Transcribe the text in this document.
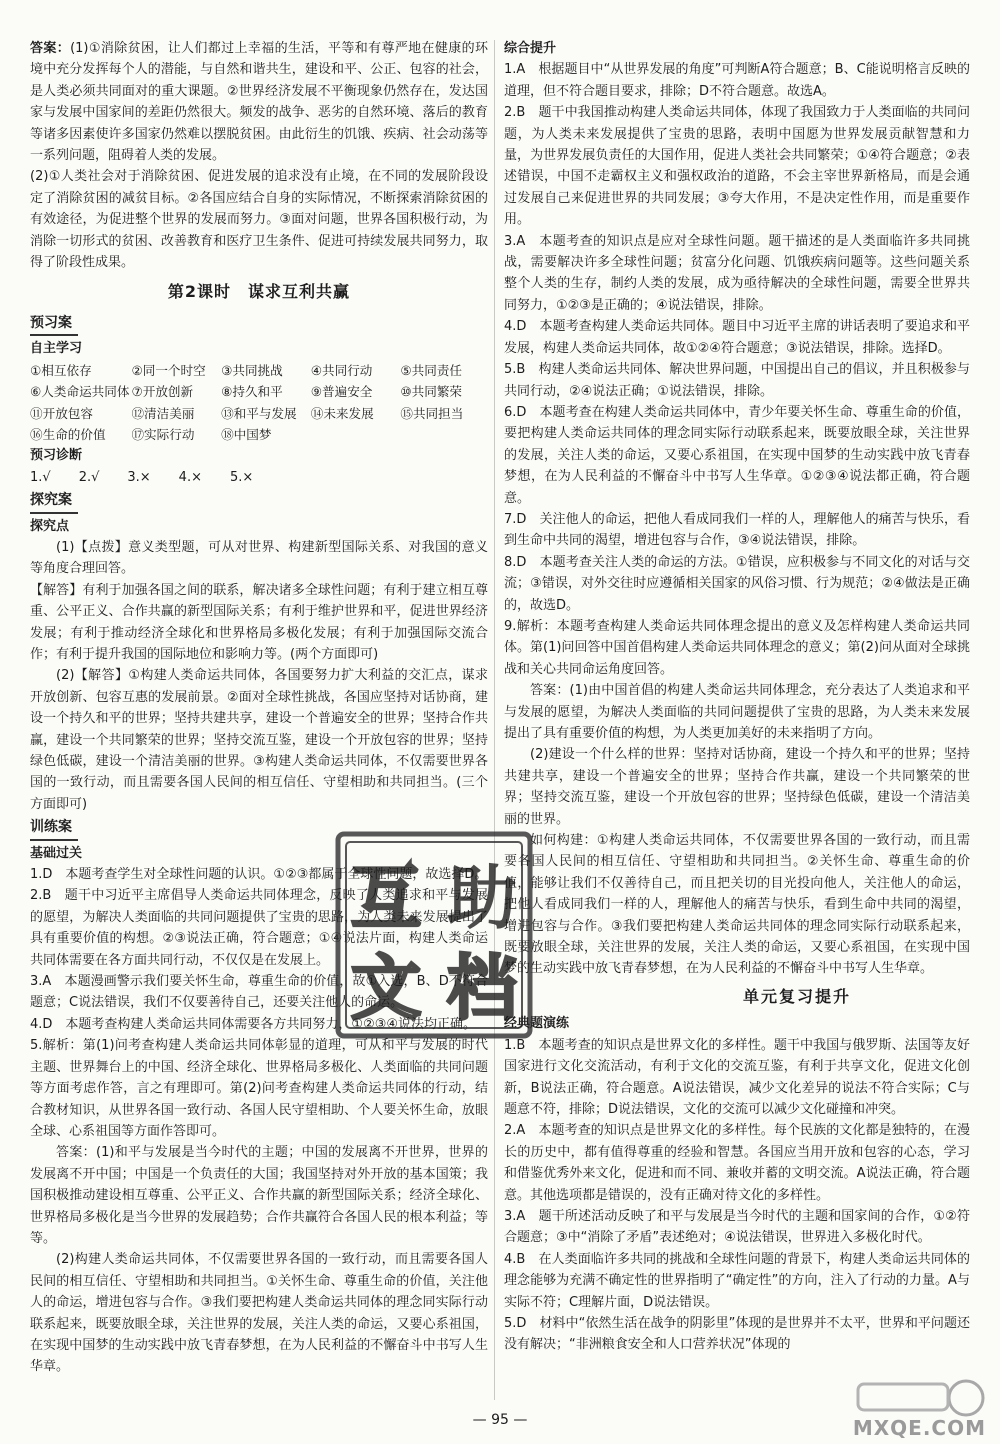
答案：(1)①消除贫困，让人们都过上幸福的生活，平等和有尊严地在健康的环境中充分发挥每个人的潜能，与自然和谐共生，建设和平、公正、包容的社会，是人类必须共同面对的重大课题。②世界经济发展不平衡现象仍然存在，发达国家与发展中国家间的差距仍然很大。频发的战争、恶劣的自然环境、落后的教育等诸多因素使许多国家仍然难以摆脱贫困。由此衍生的饥饿、疾病、社会动荡等一系列问题，阻碍着人类的发展。

(2)①人类社会对于消除贫困、促进发展的追求没有止境，在不同的发展阶段设定了消除贫困的减贫目标。②各国应结合自身的实际情况，不断探索消除贫困的有效途径，为促进整个世界的发展而努力。③面对问题，世界各国积极行动，为消除一切形式的贫困、改善教育和医疗卫生条件、促进可持续发展共同努力，取得了阶段性成果。

第2课时　谋求互利共赢
预习案
自主学习
①相互依存	②同一个时空	③共同挑战	④共同行动	⑤共同责任
⑥人类命运共同体 ⑦开放创新	⑧持久和平	⑨普遍安全	⑩共同繁荣
⑪开放包容	⑫清洁美丽	⑬和平与发展	⑭未来发展	⑮共同担当
⑯生命的价值	⑰实际行动	⑱中国梦
预习诊断
1.√ 2.√ 3.× 4.× 5.×
探究案
探究点

(1)【点拨】意义类型题，可从对世界、构建新型国际关系、对我国的意义等角度合理回答。

【解答】有利于加强各国之间的联系，解决诸多全球性问题；有利于建立相互尊重、公平正义、合作共赢的新型国际关系；有利于维护世界和平，促进世界经济发展；有利于推动经济全球化和世界格局多极化发展；有利于加强国际交流合作；有利于提升我国的国际地位和影响力等。(两个方面即可)

(2)【解答】①构建人类命运共同体，各国要努力扩大利益的交汇点，谋求开放创新、包容互惠的发展前景。②面对全球性挑战，各国应坚持对话协商，建设一个持久和平的世界；坚持共建共享，建设一个普遍安全的世界；坚持合作共赢，建设一个共同繁荣的世界；坚持交流互鉴，建设一个开放包容的世界；坚持绿色低碳，建设一个清洁美丽的世界。③构建人类命运共同体，不仅需要世界各国的一致行动，而且需要各国人民间的相互信任、守望相助和共同担当。(三个方面即可)

训练案
基础过关

1.D　本题考查学生对全球性问题的认识。①②③都属于全球性问题，故选择D。

2.B　题干中习近平主席倡导人类命运共同体理念，反映了人类追求和平与发展的愿望，为解决人类面临的共同问题提供了宝贵的思路，为人类未来发展提出了具有重要价值的构想。②③说法正确，符合题意；①④说法片面，构建人类命运共同体需要在各方面共同行动，不仅仅是在发展上。

3.A　本题漫画警示我们要关怀生命，尊重生命的价值，故①入选，B、D不符合题意；C说法错误，我们不仅要善待自己，还要关注他人的命运。

4.D　本题考查构建人类命运共同体需要各方共同努力，①②③④说法均正确。

5.解析：第(1)问考查构建人类命运共同体彰显的道理，可从和平与发展的时代主题、世界舞台上的中国、经济全球化、世界格局多极化、人类面临的共同问题等方面考虑作答，言之有理即可。第(2)问考查构建人类命运共同体的行动，结合教材知识，从世界各国一致行动、各国人民守望相助、个人要关怀生命，放眼全球、心系祖国等方面作答即可。

答案：(1)和平与发展是当今时代的主题；中国的发展离不开世界，世界的发展离不开中国；中国是一个负责任的大国；我国坚持对外开放的基本国策；我国积极推动建设相互尊重、公平正义、合作共赢的新型国际关系；经济全球化、世界格局多极化是当今世界的发展趋势；合作共赢符合各国人民的根本利益；等等。

(2)构建人类命运共同体，不仅需要世界各国的一致行动，而且需要各国人民间的相互信任、守望相助和共同担当。①关怀生命、尊重生命的价值，关注他人的命运，增进包容与合作。③我们要把构建人类命运共同体的理念同实际行动联系起来，既要放眼全球，关注世界的发展，关注人类的命运，又要心系祖国，在实现中国梦的生动实践中放飞青春梦想，在为人民利益的不懈奋斗中书写人生华章。

综合提升

1.A　根据题目中“从世界发展的角度”可判断A符合题意；B、C能说明格言反映的道理，但不符合题目要求，排除；D不符合题意。故选A。

2.B　题干中我国推动构建人类命运共同体，体现了我国致力于人类面临的共同问题，为人类未来发展提供了宝贵的思路，表明中国愿为世界发展贡献智慧和力量，为世界发展负责任的大国作用，促进人类社会共同繁荣；①④符合题意；②表述错误，中国不走霸权主义和强权政治的道路，不会主宰世界新格局，而是会通过发展自己来促进世界的共同发展；③夸大作用，不是决定性作用，而是重要作用。

3.A　本题考查的知识点是应对全球性问题。题干描述的是人类面临许多共同挑战，需要解决许多全球性问题；贫富分化问题、饥饿疾病问题等。这些问题关系整个人类的生存，制约人类的发展，成为亟待解决的全球性问题，需要全世界共同努力，①②③是正确的；④说法错误，排除。

4.D　本题考查构建人类命运共同体。题目中习近平主席的讲话表明了要追求和平发展，构建人类命运共同体，故①②④符合题意；③说法错误，排除。选择D。

5.B　构建人类命运共同体、解决世界问题，中国提出自己的倡议，并且积极参与共同行动，②④说法正确；①说法错误，排除。

6.D　本题考查在构建人类命运共同体中，青少年要关怀生命、尊重生命的价值，要把构建人类命运共同体的理念同实际行动联系起来，既要放眼全球，关注世界的发展，关注人类的命运，又要心系祖国，在实现中国梦的生动实践中放飞青春梦想，在为人民利益的不懈奋斗中书写人生华章。①②③④说法都正确，符合题意。

7.D　关注他人的命运，把他人看成同我们一样的人，理解他人的痛苦与快乐，看到生命中共同的渴望，增进包容与合作，③④说法错误，排除。

8.D　本题考查关注人类的命运的方法。①错误，应积极参与不同文化的对话与交流；③错误，对外交往时应遵循相关国家的风俗习惯、行为规范；②④做法是正确的，故选D。

9.解析：本题考查构建人类命运共同体理念提出的意义及怎样构建人类命运共同体。第(1)问回答中国首倡构建人类命运共同体理念的意义；第(2)问从面对全球挑战和关心共同命运角度回答。

答案：(1)由中国首倡的构建人类命运共同体理念，充分表达了人类追求和平与发展的愿望，为解决人类面临的共同问题提供了宝贵的思路，为人类未来发展提出了具有重要价值的构想，为人类更加美好的未来指明了方向。

(2)建设一个什么样的世界：坚持对话协商，建设一个持久和平的世界；坚持共建共享，建设一个普遍安全的世界；坚持合作共赢，建设一个共同繁荣的世界；坚持交流互鉴，建设一个开放包容的世界；坚持绿色低碳，建设一个清洁美丽的世界。

如何构建：①构建人类命运共同体，不仅需要世界各国的一致行动，而且需要各国人民间的相互信任、守望相助和共同担当。②关怀生命、尊重生命的价值，能够让我们不仅善待自己，而且把关切的目光投向他人，关注他人的命运，把他人看成同我们一样的人，理解他人的痛苦与快乐，看到生命中共同的渴望，增进包容与合作。③我们要把构建人类命运共同体的理念同实际行动联系起来，既要放眼全球，关注世界的发展，关注人类的命运，又要心系祖国，在实现中国梦的生动实践中放飞青春梦想，在为人民利益的不懈奋斗中书写人生华章。

单元复习提升
经典题演练

1.B　本题考查的知识点是世界文化的多样性。题干中我国与俄罗斯、法国等友好国家进行文化交流活动，有利于文化的交流互鉴，有利于共享文化，促进文化创新，B说法正确，符合题意。A说法错误，减少文化差异的说法不符合实际；C与题意不符，排除；D说法错误，文化的交流可以减少文化碰撞和冲突。

2.A　本题考查的知识点是世界文化的多样性。每个民族的文化都是独特的，在漫长的历史中，都有值得尊重的经验和智慧。各国应当用开放和包容的心态，学习和借鉴优秀外来文化，促进和而不同、兼收并蓄的文明交流。A说法正确，符合题意。其他选项都是错误的，没有正确对待文化的多样性。

3.A　题干所述活动反映了和平与发展是当今时代的主题和国家间的合作，①②符合题意；③中“消除了矛盾”表述绝对；④说法错误，世界进入多极化时代。

4.B　在人类面临许多共同的挑战和全球性问题的背景下，构建人类命运共同体的理念能够为充满不确定性的世界指明了“确定性”的方向，注入了行动的力量。A与实际不符；C理解片面，D说法错误。

5.D　材料中“依然生活在战争的阴影里”体现的是世界并不太平，世界和平问题还没有解决；“非洲粮食安全和人口营养状况”体现的

互 助
文 档
— 95 —	MXQE.COM
